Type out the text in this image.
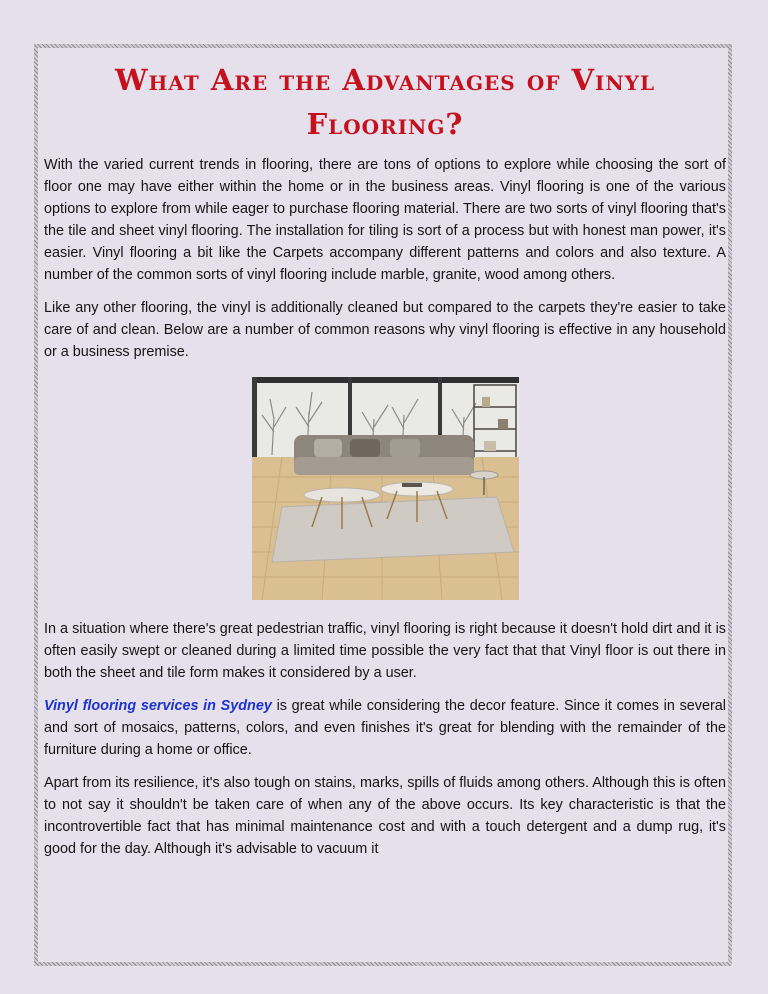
What Are the Advantages of Vinyl
Flooring?

With the varied current trends in flooring, there are tons of options to explore while choosing the sort of floor one may have either within the home or in the business areas. Vinyl flooring is one of the various options to explore from while eager to purchase flooring material. There are two sorts of vinyl flooring that's the tile and sheet vinyl flooring. The installation for tiling is sort of a process but with honest man power, it's easier. Vinyl flooring a bit like the Carpets accompany different patterns and colors and also texture. A number of the common sorts of vinyl flooring include marble, granite, wood among others.

Like any other flooring, the vinyl is additionally cleaned but compared to the carpets they're easier to take care of and clean. Below are a number of common reasons why vinyl flooring is effective in any household or a business premise.

In a situation where there's great pedestrian traffic, vinyl flooring is right because it doesn't hold dirt and it is often easily swept or cleaned during a limited time possible the very fact that that Vinyl floor is out there in both the sheet and tile form makes it considered by a user.

Vinyl flooring services in Sydney is great while considering the decor feature. Since it comes in several and sort of mosaics, patterns, colors, and even finishes it's great for blending with the remainder of the furniture during a home or office.

Apart from its resilience, it's also tough on stains, marks, spills of fluids among others. Although this is often to not say it shouldn't be taken care of when any of the above occurs. Its key characteristic is that the incontrovertible fact that has minimal maintenance cost and with a touch detergent and a dump rug, it's good for the day. Although it's advisable to vacuum it
